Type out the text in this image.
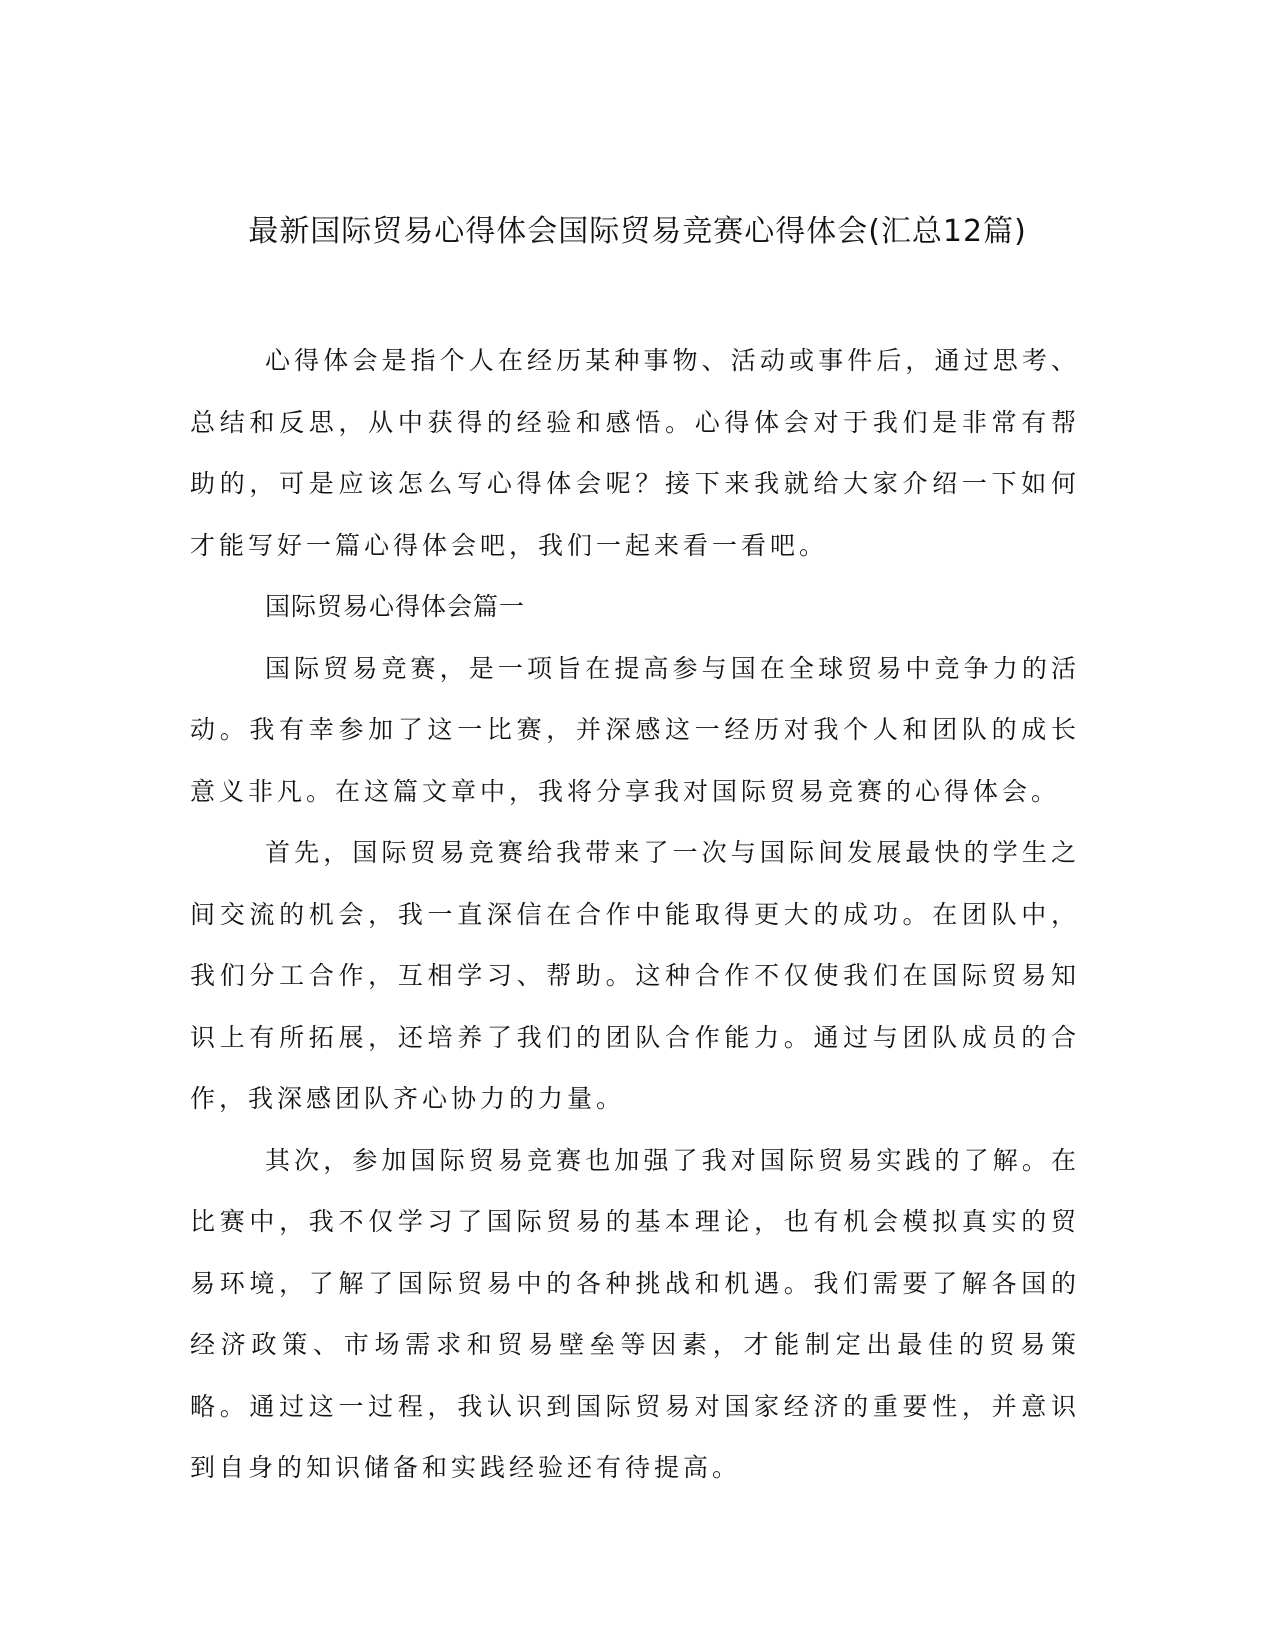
最新国际贸易心得体会国际贸易竞赛心得体会(汇总12篇)

心得体会是指个人在经历某种事物、活动或事件后，通过思考、总结和反思，从中获得的经验和感悟。心得体会对于我们是非常有帮助的，可是应该怎么写心得体会呢？接下来我就给大家介绍一下如何才能写好一篇心得体会吧，我们一起来看一看吧。

国际贸易心得体会篇一

国际贸易竞赛，是一项旨在提高参与国在全球贸易中竞争力的活动。我有幸参加了这一比赛，并深感这一经历对我个人和团队的成长意义非凡。在这篇文章中，我将分享我对国际贸易竞赛的心得体会。

首先，国际贸易竞赛给我带来了一次与国际间发展最快的学生之间交流的机会，我一直深信在合作中能取得更大的成功。在团队中，我们分工合作，互相学习、帮助。这种合作不仅使我们在国际贸易知识上有所拓展，还培养了我们的团队合作能力。通过与团队成员的合作，我深感团队齐心协力的力量。

其次，参加国际贸易竞赛也加强了我对国际贸易实践的了解。在比赛中，我不仅学习了国际贸易的基本理论，也有机会模拟真实的贸易环境，了解了国际贸易中的各种挑战和机遇。我们需要了解各国的经济政策、市场需求和贸易壁垒等因素，才能制定出最佳的贸易策略。通过这一过程，我认识到国际贸易对国家经济的重要性，并意识到自身的知识储备和实践经验还有待提高。
